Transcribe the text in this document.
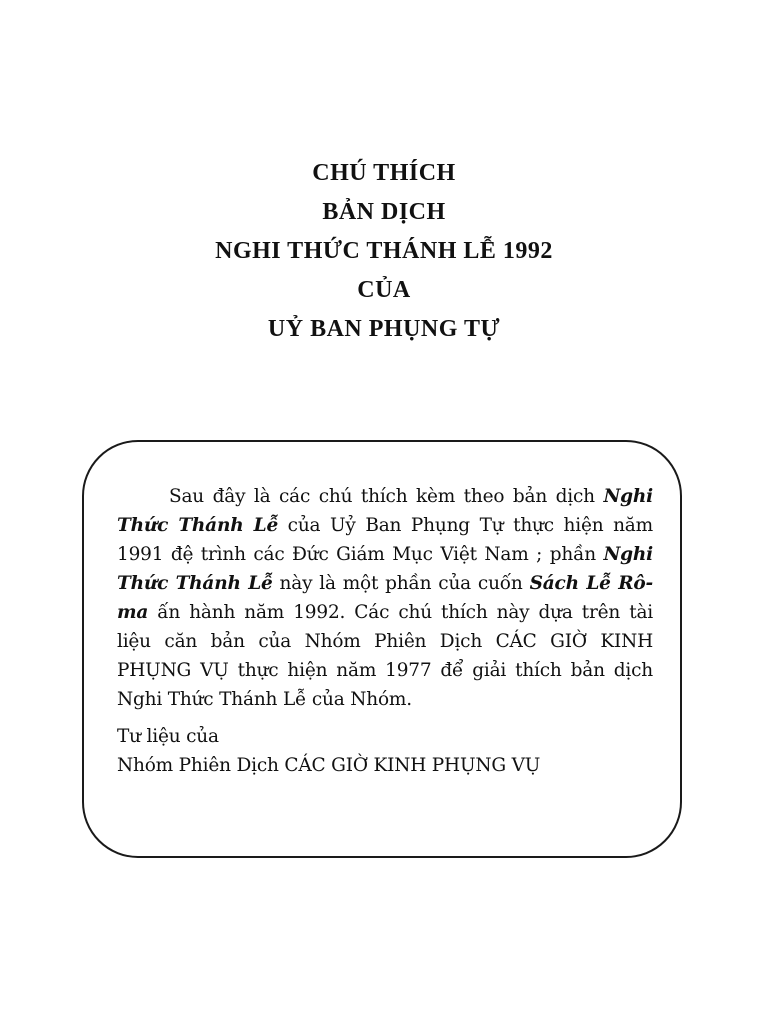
CHÚ THÍCH
BẢN DỊCH
NGHI THỨC THÁNH LỄ 1992
CỦA
UỶ BAN PHỤNG TỰ

Sau đây là các chú thích kèm theo bản dịch Nghi Thức Thánh Lễ của Uỷ Ban Phụng Tự thực hiện năm 1991 đệ trình các Đức Giám Mục Việt Nam ; phần Nghi Thức Thánh Lễ này là một phần của cuốn Sách Lễ Rô-ma ấn hành năm 1992. Các chú thích này dựa trên tài liệu căn bản của Nhóm Phiên Dịch CÁC GIỜ KINH PHỤNG VỤ thực hiện năm 1977 để giải thích bản dịch Nghi Thức Thánh Lễ của Nhóm.

Tư liệu của
Nhóm Phiên Dịch CÁC GIỜ KINH PHỤNG VỤ
